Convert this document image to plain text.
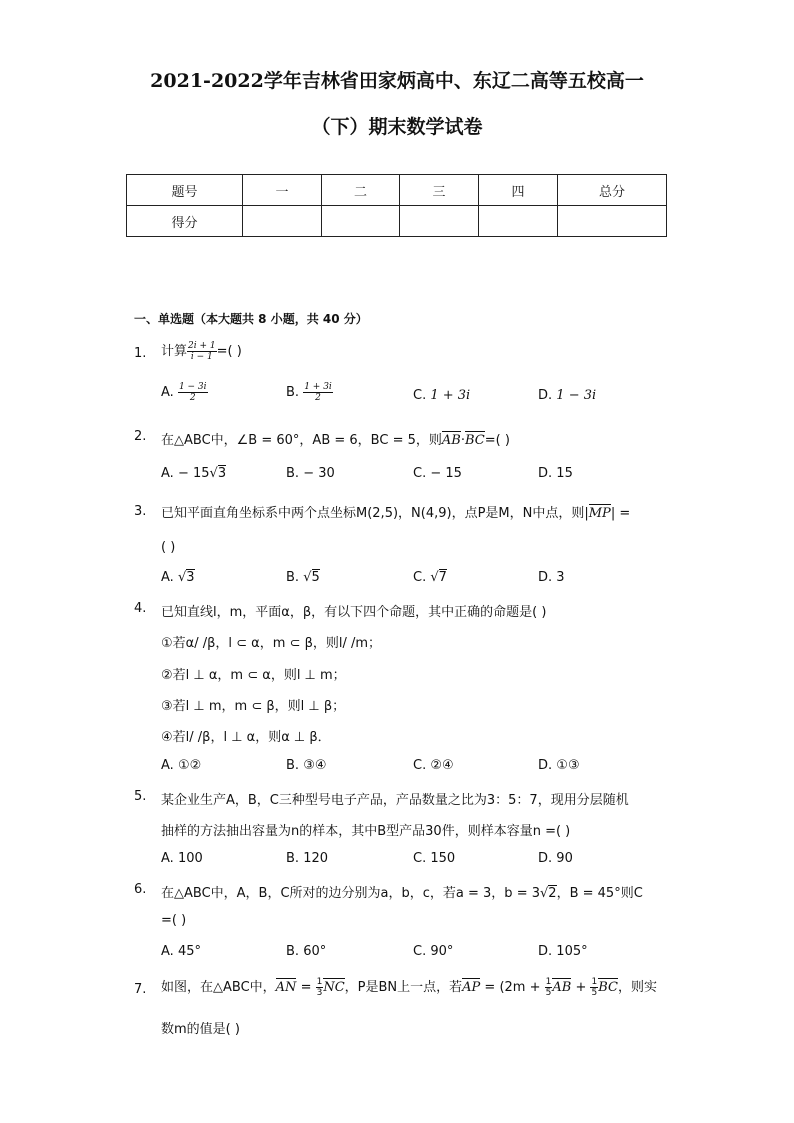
2021-2022学年吉林省田家炳高中、东辽二高等五校高一
（下）期末数学试卷
题号	一	二	三	四	总分
得分					
一、单选题（本大题共 8 小题，共 40 分）
1. 计算 $\frac{2i + 1}{i - 1}$ =( )
A. $\frac{1 - 3i}{2}$	B. $\frac{1 + 3i}{2}$	C. 1 + 3i	D. 1 − 3i
2. 在△ABC中，∠B = 60°，AB = 6，BC = 5，则AB·BC=( )
A. − 15√3	B. − 30	C. − 15	D. 15
3. 已知平面直角坐标系中两个点坐标M(2,5)，N(4,9)，点P是M，N中点，则|MP| =
( )
A. √3	B. √5	C. √7	D. 3
4. 已知直线l，m，平面α，β，有以下四个命题，其中正确的命题是( )
①若α/ /β，l ⊂ α，m ⊂ β，则l/ /m；
②若l ⊥ α，m ⊂ α，则l ⊥ m；
③若l ⊥ m，m ⊂ β，则l ⊥ β；
④若l/ /β，l ⊥ α，则α ⊥ β．
A. ①②	B. ③④	C. ②④	D. ①③
5. 某企业生产A，B，C三种型号电子产品，产品数量之比为3：5：7，现用分层随机
抽样的方法抽出容量为n的样本，其中B型产品30件，则样本容量n =( )
A. 100	B. 120	C. 150	D. 90
6. 在△ABC中，A，B，C所对的边分别为a，b，c，若a = 3，b = 3√2，B = 45°则C
=( )
A. 45°	B. 60°	C. 90°	D. 105°
7. 如图，在△ABC中，AN = $\frac{1}{3}$ NC，P是BN上一点，若AP = ($2m + \frac{1}{5}$ AB + $\frac{1}{5}$ BC，则实
数m的值是( )
